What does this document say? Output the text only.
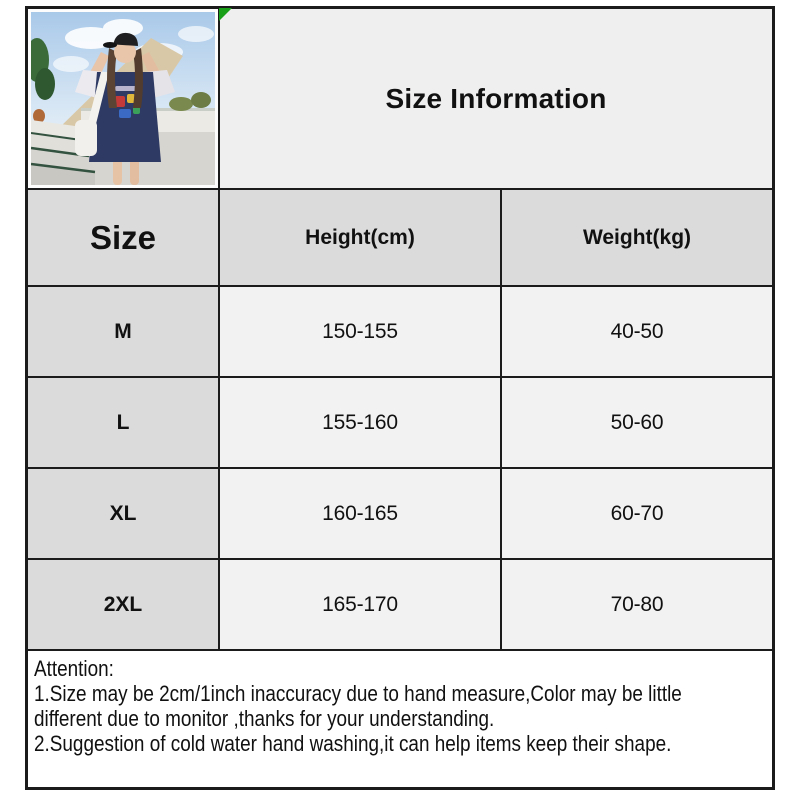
Size Information
Size	Height(cm)	Weight(kg)
M	150-155	40-50
L	155-160	50-60
XL	160-165	60-70
2XL	165-170	70-80
Attention:
1.Size may be 2cm/1inch inaccuracy due to hand measure,Color may be little
different due to monitor ,thanks for your understanding.
2.Suggestion of cold water hand washing,it can help items keep their shape.
